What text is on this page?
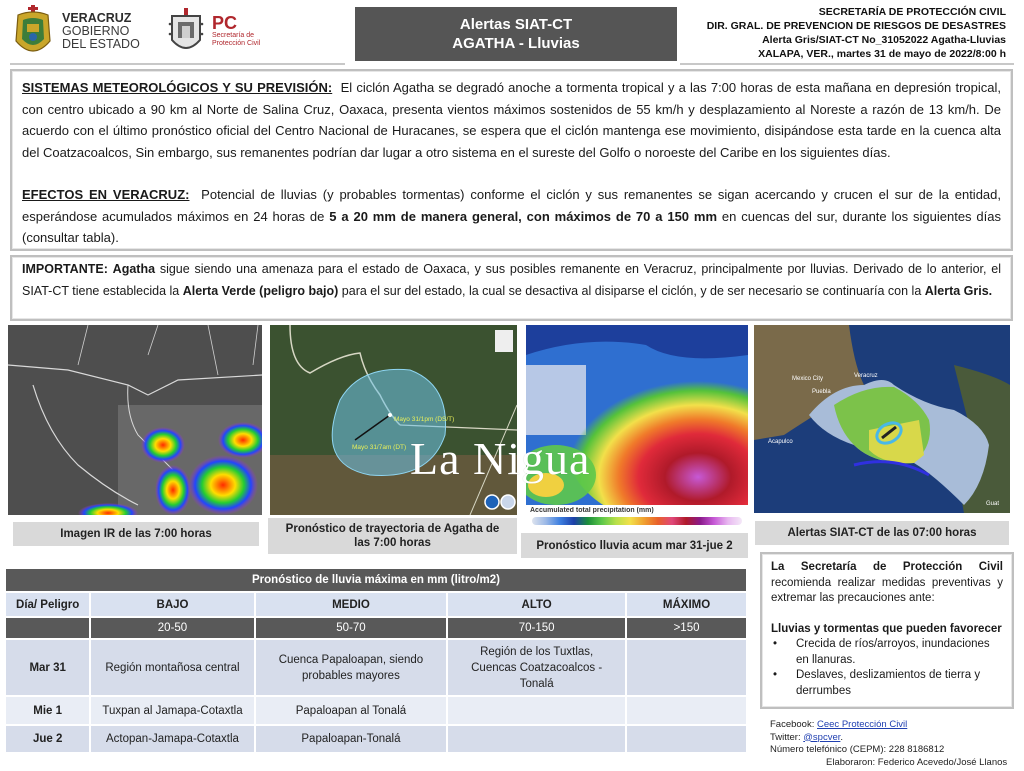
VERACRUZ
GOBIERNO
DEL ESTADO
PC
Secretaría de
Protección Civil
Alertas SIAT-CT
AGATHA - Lluvias
SECRETARÍA DE PROTECCIÓN CIVIL
DIR. GRAL. DE PREVENCION DE RIESGOS DE DESASTRES
Alerta Gris/SIAT-CT No_31052022 Agatha-Lluvias
XALAPA, VER., martes 31 de mayo de 2022/8:00 h

SISTEMAS METEOROLÓGICOS Y SU PREVISIÓN: El ciclón Agatha se degradó anoche a tormenta tropical y a las 7:00 horas de esta mañana en depresión tropical, con centro ubicado a 90 km al Norte de Salina Cruz, Oaxaca, presenta vientos máximos sostenidos de 55 km/h y desplazamiento al Noreste a razón de 13 km/h. De acuerdo con el último pronóstico oficial del Centro Nacional de Huracanes, se espera que el ciclón mantenga ese movimiento, disipándose esta tarde en la cuenca alta del Coatzacoalcos, Sin embargo, sus remanentes podrían dar lugar a otro sistema en el sureste del Golfo o noroeste del Caribe en los siguientes días.

EFECTOS EN VERACRUZ: Potencial de lluvias (y probables tormentas) conforme el ciclón y sus remanentes se sigan acercando y crucen el sur de la entidad, esperándose acumulados máximos en 24 horas de 5 a 20 mm de manera general, con máximos de 70 a 150 mm en cuencas del sur, durante los siguientes días (consultar tabla).

IMPORTANTE: Agatha sigue siendo una amenaza para el estado de Oaxaca, y sus posibles remanente en Veracruz, principalmente por lluvias. Derivado de lo anterior, el SIAT-CT tiene establecida la Alerta Verde (peligro bajo) para el sur del estado, la cual se desactiva al disiparse el ciclón, y de ser necesario se continuaría con la Alerta Gris.

Imagen IR de las 7:00 horas
Mayo 31/1pm (DS/T)
Mayo 31/7am (DT)
Pronóstico de trayectoria de Agatha de las 7:00 horas
Accumulated total precipitation (mm)
Pronóstico lluvia acum mar 31-jue 2
Veracruz
Mexico City
Puebla
Acapulco
Guat
Alertas SIAT-CT de las 07:00 horas
La Nigua
Pronóstico de lluvia máxima en mm (litro/m2)				
Día/ Peligro	BAJO	MEDIO	ALTO	MÁXIMO
	20-50	50-70	70-150	>150
Mar 31	Región montañosa central	Cuenca Papaloapan, siendo probables mayores	Región de los Tuxtlas, Cuencas Coatzacoalcos - Tonalá	
Mie 1	Tuxpan al Jamapa-Cotaxtla	Papaloapan al Tonalá		
Jue 2	Actopan-Jamapa-Cotaxtla	Papaloapan-Tonalá		

La Secretaría de Protección Civil recomienda realizar medidas preventivas y extremar las precauciones ante:

Lluvias y tormentas que pueden favorecer

• Crecida de ríos/arroyos, inundaciones en llanuras.
• Deslaves, deslizamientos de tierra y derrumbes
Facebook: Ceec Protección Civil
Twitter: @spcver.
Número telefónico (CEPM): 228 8186812
Elaboraron: Federico Acevedo/José Llanos
